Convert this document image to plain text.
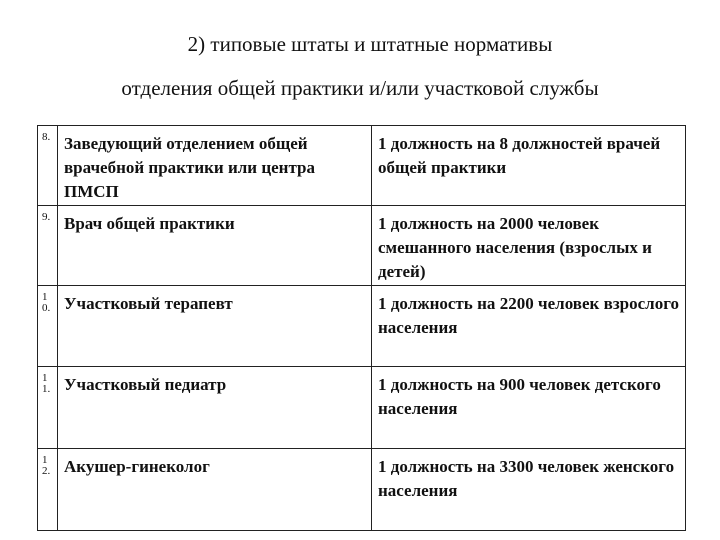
2) типовые штаты и штатные нормативы
отделения общей практики и/или участковой службы
8.	Заведующий отделением общей врачебной практики или центра ПМСП	1 должность на 8 должностей врачей общей практики

9.	Врач общей практики	1 должность на 2000 человек смешанного населения (взрослых и детей)

1
0.	Участковый терапевт	1 должность на 2200 человек взрослого населения

1
1.	Участковый педиатр	1 должность на 900 человек детского населения

1
2.	Акушер-гинеколог	1 должность на 3300 человек женского населения
